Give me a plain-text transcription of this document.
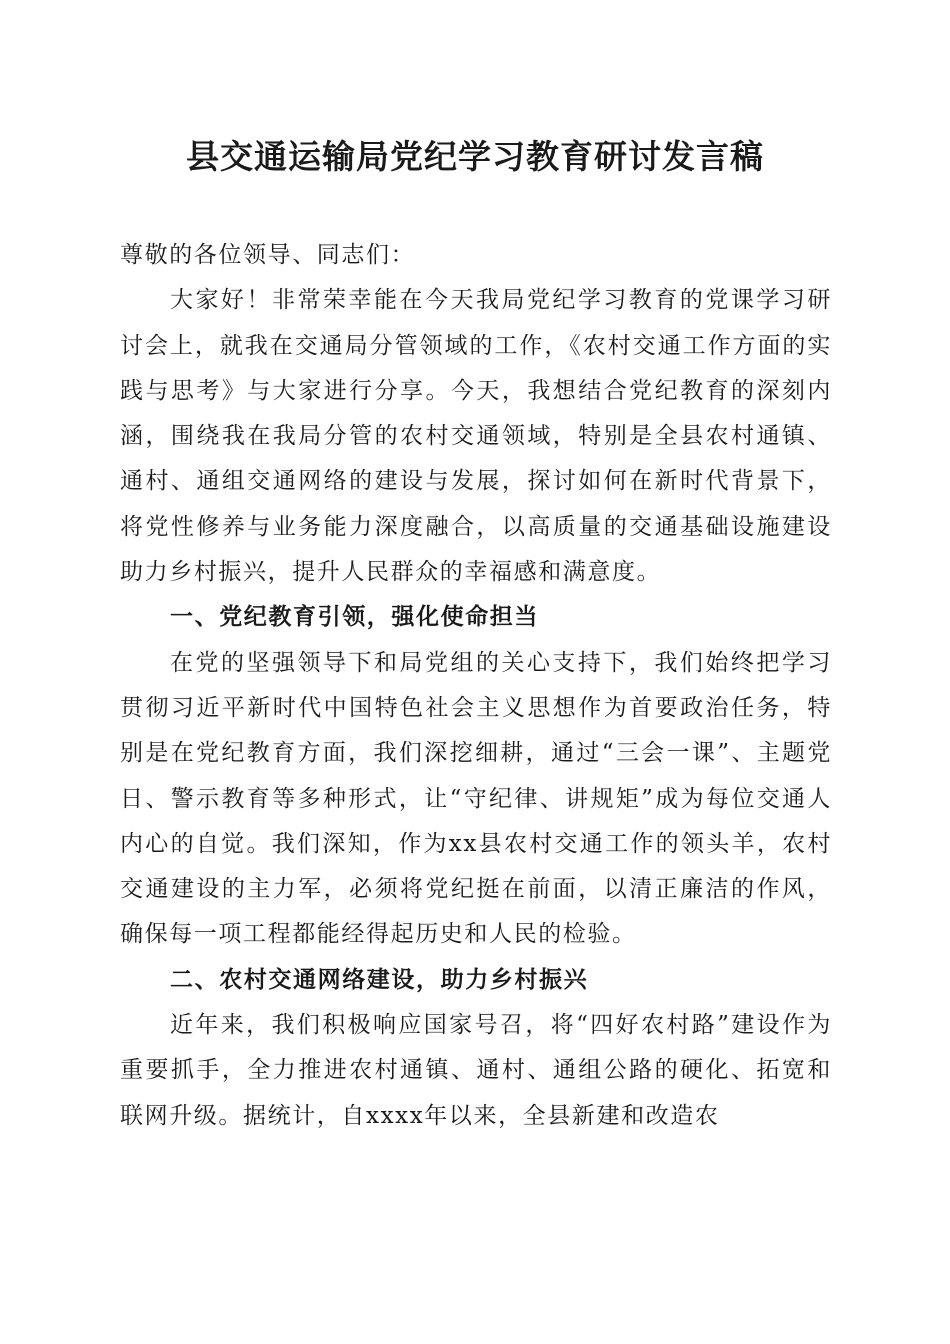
县交通运输局党纪学习教育研讨发言稿

尊敬的各位领导、同志们：

大家好！非常荣幸能在今天我局党纪学习教育的党课学习研讨会上，就我在交通局分管领域的工作，《农村交通工作方面的实践与思考》与大家进行分享。今天，我想结合党纪教育的深刻内涵，围绕我在我局分管的农村交通领域，特别是全县农村通镇、通村、通组交通网络的建设与发展，探讨如何在新时代背景下，将党性修养与业务能力深度融合，以高质量的交通基础设施建设助力乡村振兴，提升人民群众的幸福感和满意度。

一、党纪教育引领，强化使命担当

在党的坚强领导下和局党组的关心支持下，我们始终把学习贯彻习近平新时代中国特色社会主义思想作为首要政治任务，特别是在党纪教育方面，我们深挖细耕，通过“三会一课”、主题党日、警示教育等多种形式，让“守纪律、讲规矩”成为每位交通人内心的自觉。我们深知，作为xx县农村交通工作的领头羊，农村交通建设的主力军，必须将党纪挺在前面，以清正廉洁的作风，确保每一项工程都能经得起历史和人民的检验。

二、农村交通网络建设，助力乡村振兴

近年来，我们积极响应国家号召，将“四好农村路”建设作为重要抓手，全力推进农村通镇、通村、通组公路的硬化、拓宽和联网升级。据统计，自xxxx年以来，全县新建和改造农
